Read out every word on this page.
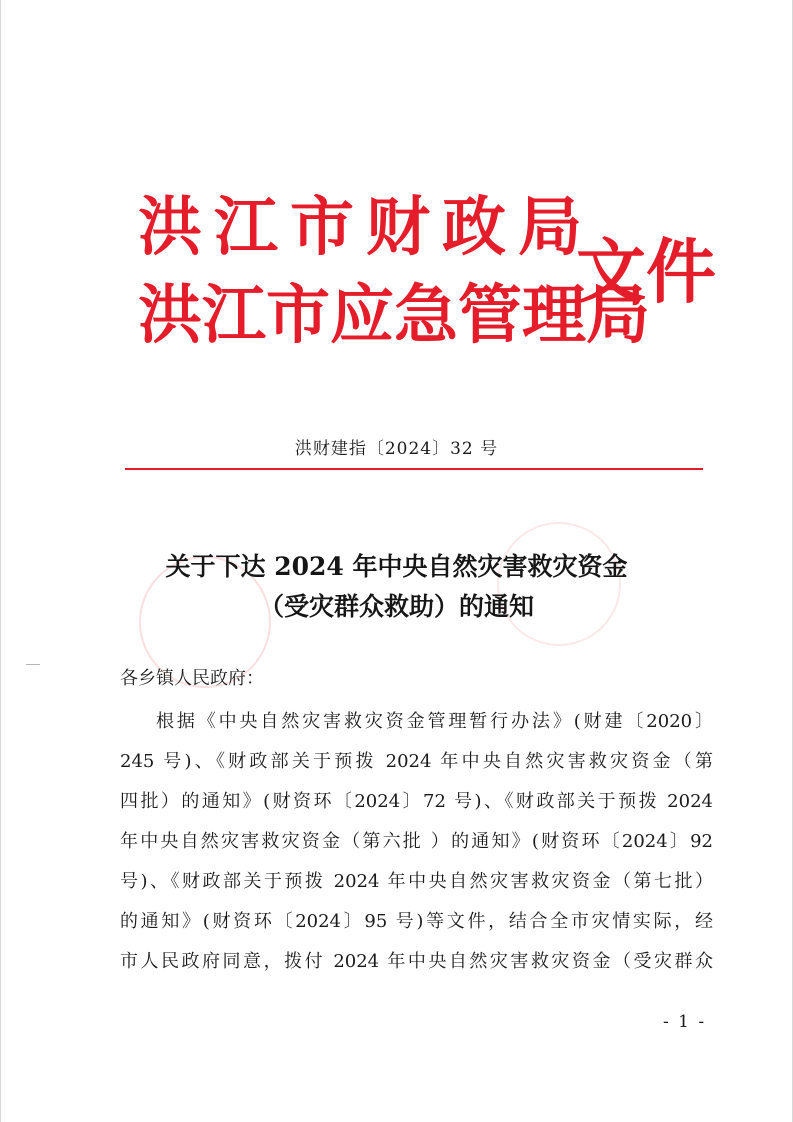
洪江市财政局
洪江市应急管理局
文件
洪财建指〔2024〕32 号
关于下达 2024 年中央自然灾害救灾资金
（受灾群众救助）的通知
各乡镇人民政府：
根据《中央自然灾害救灾资金管理暂行办法》(财建〔2020〕
245 号)、《财政部关于预拨 2024 年中央自然灾害救灾资金（第
四批）的通知》(财资环〔2024〕72 号)、《财政部关于预拨 2024
年中央自然灾害救灾资金（第六批 ）的通知》(财资环〔2024〕92
号)、《财政部关于预拨 2024 年中央自然灾害救灾资金（第七批）
的通知》(财资环〔2024〕95 号)等文件，结合全市灾情实际，经
市人民政府同意，拨付 2024 年中央自然灾害救灾资金（受灾群众
- 1 -
